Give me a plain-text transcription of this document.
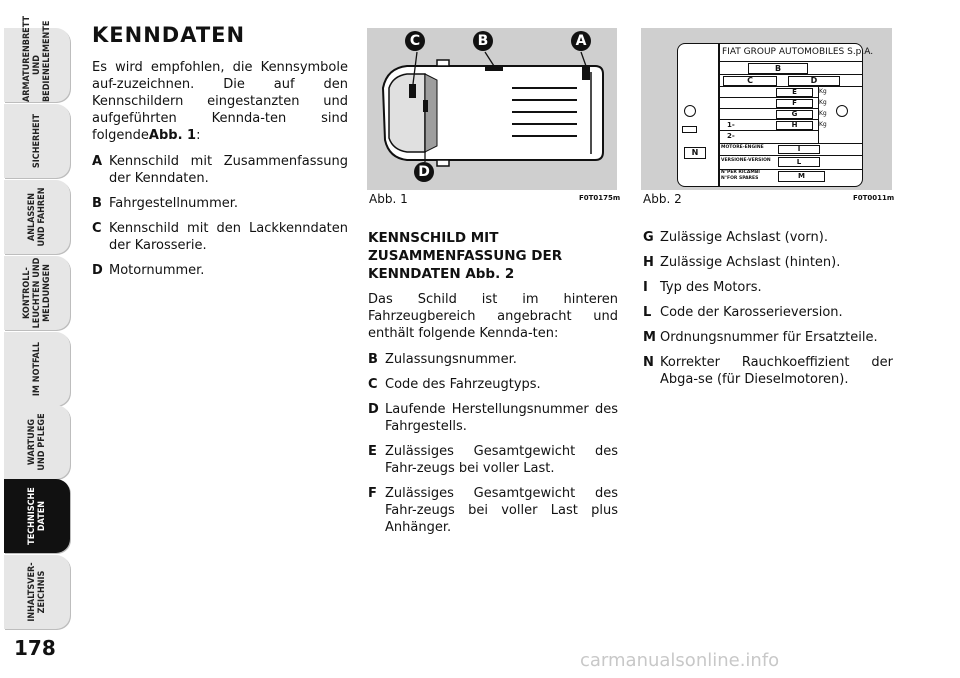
ARMATURENBRETT
UND
BEDIENELEMENTE
SICHERHEIT
ANLASSEN
UND FAHREN
KONTROLL-
LEUCHTEN UND
MELDUNGEN
IM NOTFALL
WARTUNG
UND PFLEGE
TECHNISCHE
DATEN
INHALTSVER-
ZEICHNIS
178
KENNDATEN
Es wird empfohlen, die Kennsymbole auf-zuzeichnen. Die auf den Kennschildern eingestanzten und aufgeführten Kennda-ten sind folgendeAbb. 1:
A Kennschild mit Zusammenfassung der Kenndaten.
B Fahrgestellnummer.
C Kennschild mit den Lackkenndaten der Karosserie.
D Motornummer.
C	B	A
D
Abb. 1	F0T0175m
N
FIAT GROUP AUTOMOBILES S.p.A.
B
C	D
E
F
G
H
Kg
Kg
Kg
Kg
1-
2-
MOTORE-ENGINE	I
VERSIONE-VERSION	L
N°PER RICAMBI
N°FOR SPARES	M
Abb. 2	F0T0011m
KENNSCHILD MIT ZUSAMMENFASSUNG DER KENNDATEN Abb. 2
Das Schild ist im hinteren Fahrzeugbereich angebracht und enthält folgende Kennda-ten:
B Zulassungsnummer.
C Code des Fahrzeugtyps.
D Laufende Herstellungsnummer des Fahrgestells.
E Zulässiges Gesamtgewicht des Fahr-zeugs bei voller Last.
F Zulässiges Gesamtgewicht des Fahr-zeugs bei voller Last plus Anhänger.
G Zulässige Achslast (vorn).
H Zulässige Achslast (hinten).
I Typ des Motors.
L Code der Karosserieversion.
M Ordnungsnummer für Ersatzteile.
N Korrekter Rauchkoeffizient der Abga-se (für Dieselmotoren).
carmanualsonline.info
